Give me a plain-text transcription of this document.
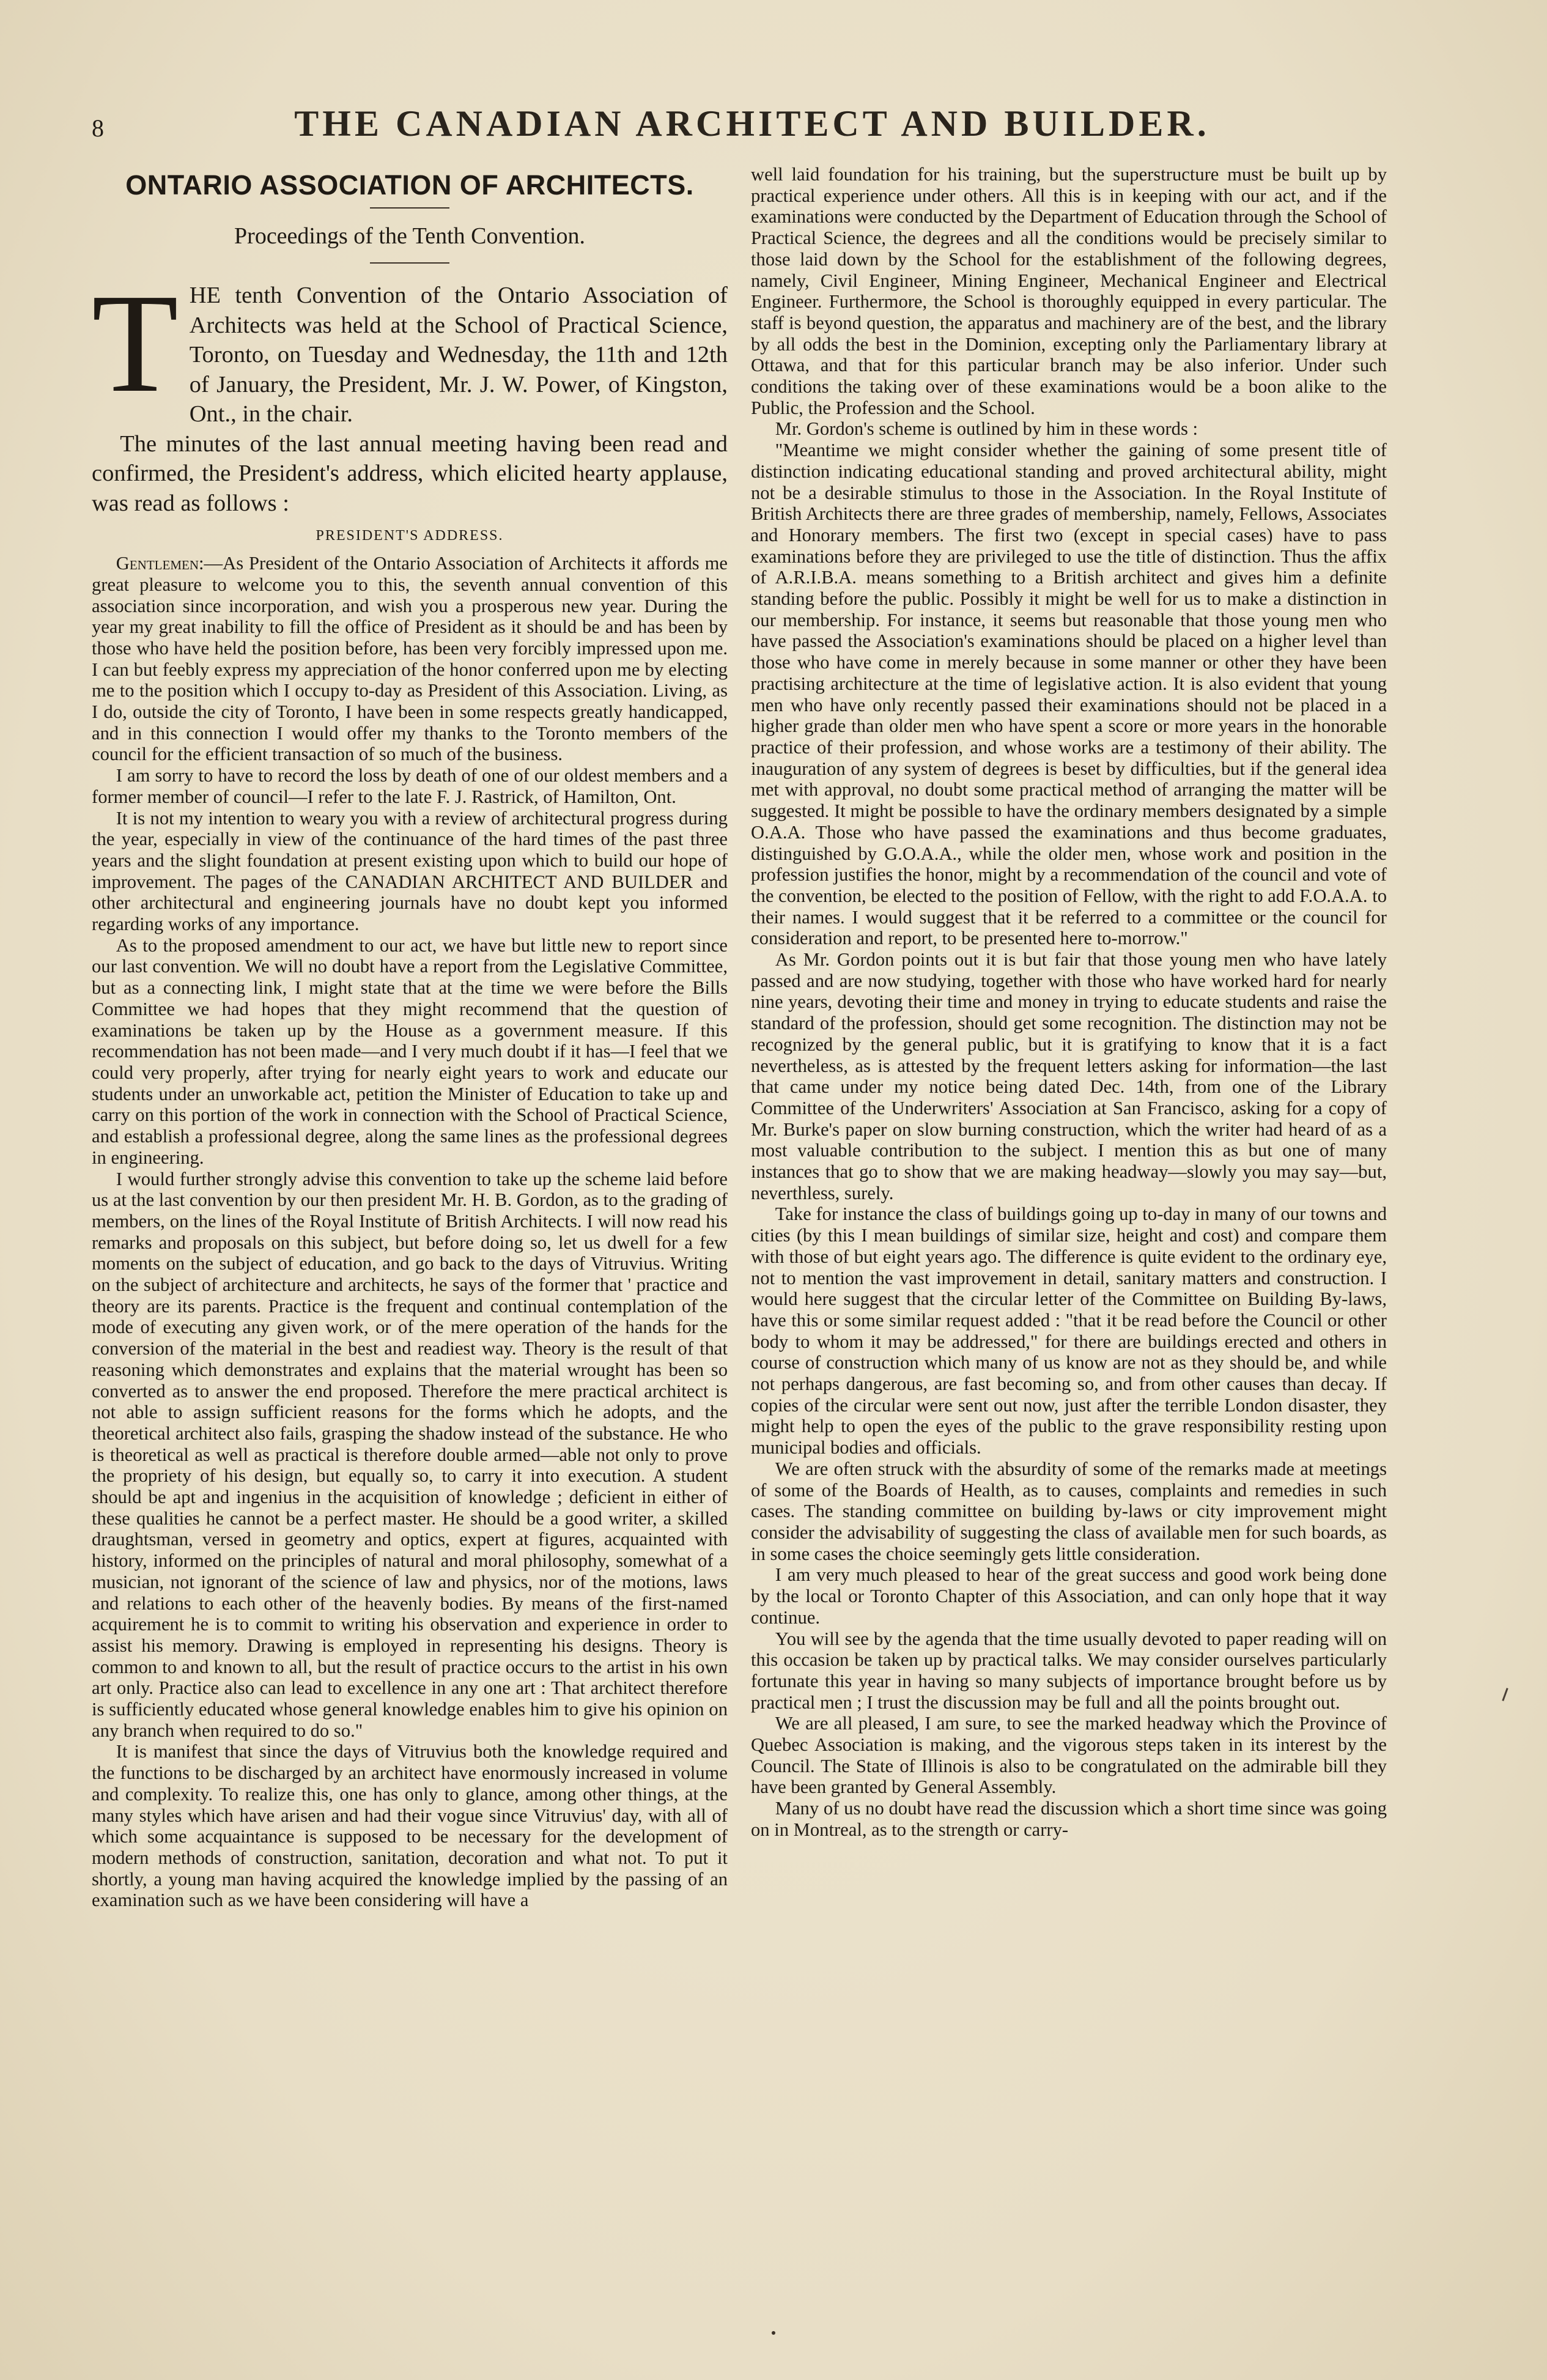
8	THE CANADIAN ARCHITECT AND BUILDER.
ONTARIO ASSOCIATION OF ARCHITECTS.
Proceedings of the Tenth Convention.
THE tenth Convention of the Ontario Association of Architects was held at the School of Practical Science, Toronto, on Tuesday and Wednesday, the 11th and 12th of January, the President, Mr. J. W. Power, of Kingston, Ont., in the chair.

The minutes of the last annual meeting having been read and confirmed, the President's address, which elicited hearty applause, was read as follows :

PRESIDENT'S ADDRESS.

Gentlemen:—As President of the Ontario Association of Architects it affords me great pleasure to welcome you to this, the seventh annual convention of this association since incorporation, and wish you a prosperous new year. During the year my great inability to fill the office of President as it should be and has been by those who have held the position before, has been very forcibly impressed upon me. I can but feebly express my appreciation of the honor conferred upon me by electing me to the position which I occupy to-day as President of this Association. Living, as I do, outside the city of Toronto, I have been in some respects greatly handicapped, and in this connection I would offer my thanks to the Toronto members of the council for the efficient transaction of so much of the business.

I am sorry to have to record the loss by death of one of our oldest members and a former member of council—I refer to the late F. J. Rastrick, of Hamilton, Ont.

It is not my intention to weary you with a review of architectural progress during the year, especially in view of the continuance of the hard times of the past three years and the slight foundation at present existing upon which to build our hope of improvement. The pages of the CANADIAN ARCHITECT AND BUILDER and other architectural and engineering journals have no doubt kept you informed regarding works of any importance.

As to the proposed amendment to our act, we have but little new to report since our last convention. We will no doubt have a report from the Legislative Committee, but as a connecting link, I might state that at the time we were before the Bills Committee we had hopes that they might recommend that the question of examinations be taken up by the House as a government measure. If this recommendation has not been made—and I very much doubt if it has—I feel that we could very properly, after trying for nearly eight years to work and educate our students under an unworkable act, petition the Minister of Education to take up and carry on this portion of the work in connection with the School of Practical Science, and establish a professional degree, along the same lines as the professional degrees in engineering.

I would further strongly advise this convention to take up the scheme laid before us at the last convention by our then president Mr. H. B. Gordon, as to the grading of members, on the lines of the Royal Institute of British Architects. I will now read his remarks and proposals on this subject, but before doing so, let us dwell for a few moments on the subject of education, and go back to the days of Vitruvius. Writing on the subject of architecture and architects, he says of the former that ' practice and theory are its parents. Practice is the frequent and continual contemplation of the mode of executing any given work, or of the mere operation of the hands for the conversion of the material in the best and readiest way. Theory is the result of that reasoning which demonstrates and explains that the material wrought has been so converted as to answer the end proposed. Therefore the mere practical architect is not able to assign sufficient reasons for the forms which he adopts, and the theoretical architect also fails, grasping the shadow instead of the substance. He who is theoretical as well as practical is therefore double armed—able not only to prove the propriety of his design, but equally so, to carry it into execution. A student should be apt and ingenius in the acquisition of knowledge ; deficient in either of these qualities he cannot be a perfect master. He should be a good writer, a skilled draughtsman, versed in geometry and optics, expert at figures, acquainted with history, informed on the principles of natural and moral philosophy, somewhat of a musician, not ignorant of the science of law and physics, nor of the motions, laws and relations to each other of the heavenly bodies. By means of the first-named acquirement he is to commit to writing his observation and experience in order to assist his memory. Drawing is employed in representing his designs. Theory is common to and known to all, but the result of practice occurs to the artist in his own art only. Practice also can lead to excellence in any one art : That architect therefore is sufficiently educated whose general knowledge enables him to give his opinion on any branch when required to do so."

It is manifest that since the days of Vitruvius both the knowledge required and the functions to be discharged by an architect have enormously increased in volume and complexity. To realize this, one has only to glance, among other things, at the many styles which have arisen and had their vogue since Vitruvius' day, with all of which some acquaintance is supposed to be necessary for the development of modern methods of construction, sanitation, decoration and what not. To put it shortly, a young man having acquired the knowledge implied by the passing of an examination such as we have been considering will have a

well laid foundation for his training, but the superstructure must be built up by practical experience under others. All this is in keeping with our act, and if the examinations were conducted by the Department of Education through the School of Practical Science, the degrees and all the conditions would be precisely similar to those laid down by the School for the establishment of the following degrees, namely, Civil Engineer, Mining Engineer, Mechanical Engineer and Electrical Engineer. Furthermore, the School is thoroughly equipped in every particular. The staff is beyond question, the apparatus and machinery are of the best, and the library by all odds the best in the Dominion, excepting only the Parliamentary library at Ottawa, and that for this particular branch may be also inferior. Under such conditions the taking over of these examinations would be a boon alike to the Public, the Profession and the School.

Mr. Gordon's scheme is outlined by him in these words :

"Meantime we might consider whether the gaining of some present title of distinction indicating educational standing and proved architectural ability, might not be a desirable stimulus to those in the Association. In the Royal Institute of British Architects there are three grades of membership, namely, Fellows, Associates and Honorary members. The first two (except in special cases) have to pass examinations before they are privileged to use the title of distinction. Thus the affix of A.R.I.B.A. means something to a British architect and gives him a definite standing before the public. Possibly it might be well for us to make a distinction in our membership. For instance, it seems but reasonable that those young men who have passed the Association's examinations should be placed on a higher level than those who have come in merely because in some manner or other they have been practising architecture at the time of legislative action. It is also evident that young men who have only recently passed their examinations should not be placed in a higher grade than older men who have spent a score or more years in the honorable practice of their profession, and whose works are a testimony of their ability. The inauguration of any system of degrees is beset by difficulties, but if the general idea met with approval, no doubt some practical method of arranging the matter will be suggested. It might be possible to have the ordinary members designated by a simple O.A.A. Those who have passed the examinations and thus become graduates, distinguished by G.O.A.A., while the older men, whose work and position in the profession justifies the honor, might by a recommendation of the council and vote of the convention, be elected to the position of Fellow, with the right to add F.O.A.A. to their names. I would suggest that it be referred to a committee or the council for consideration and report, to be presented here to-morrow."

As Mr. Gordon points out it is but fair that those young men who have lately passed and are now studying, together with those who have worked hard for nearly nine years, devoting their time and money in trying to educate students and raise the standard of the profession, should get some recognition. The distinction may not be recognized by the general public, but it is gratifying to know that it is a fact nevertheless, as is attested by the frequent letters asking for information—the last that came under my notice being dated Dec. 14th, from one of the Library Committee of the Underwriters' Association at San Francisco, asking for a copy of Mr. Burke's paper on slow burning construction, which the writer had heard of as a most valuable contribution to the subject. I mention this as but one of many instances that go to show that we are making headway—slowly you may say—but, neverthless, surely.

Take for instance the class of buildings going up to-day in many of our towns and cities (by this I mean buildings of similar size, height and cost) and compare them with those of but eight years ago. The difference is quite evident to the ordinary eye, not to mention the vast improvement in detail, sanitary matters and construction. I would here suggest that the circular letter of the Committee on Building By-laws, have this or some similar request added : "that it be read before the Council or other body to whom it may be addressed," for there are buildings erected and others in course of construction which many of us know are not as they should be, and while not perhaps dangerous, are fast becoming so, and from other causes than decay. If copies of the circular were sent out now, just after the terrible London disaster, they might help to open the eyes of the public to the grave responsibility resting upon municipal bodies and officials.

We are often struck with the absurdity of some of the remarks made at meetings of some of the Boards of Health, as to causes, complaints and remedies in such cases. The standing committee on building by-laws or city improvement might consider the advisability of suggesting the class of available men for such boards, as in some cases the choice seemingly gets little consideration.

I am very much pleased to hear of the great success and good work being done by the local or Toronto Chapter of this Association, and can only hope that it way continue.

You will see by the agenda that the time usually devoted to paper reading will on this occasion be taken up by practical talks. We may consider ourselves particularly fortunate this year in having so many subjects of importance brought before us by practical men ; I trust the discussion may be full and all the points brought out.

We are all pleased, I am sure, to see the marked headway which the Province of Quebec Association is making, and the vigorous steps taken in its interest by the Council. The State of Illinois is also to be congratulated on the admirable bill they have been granted by General Assembly.

Many of us no doubt have read the discussion which a short time since was going on in Montreal, as to the strength or carry-
